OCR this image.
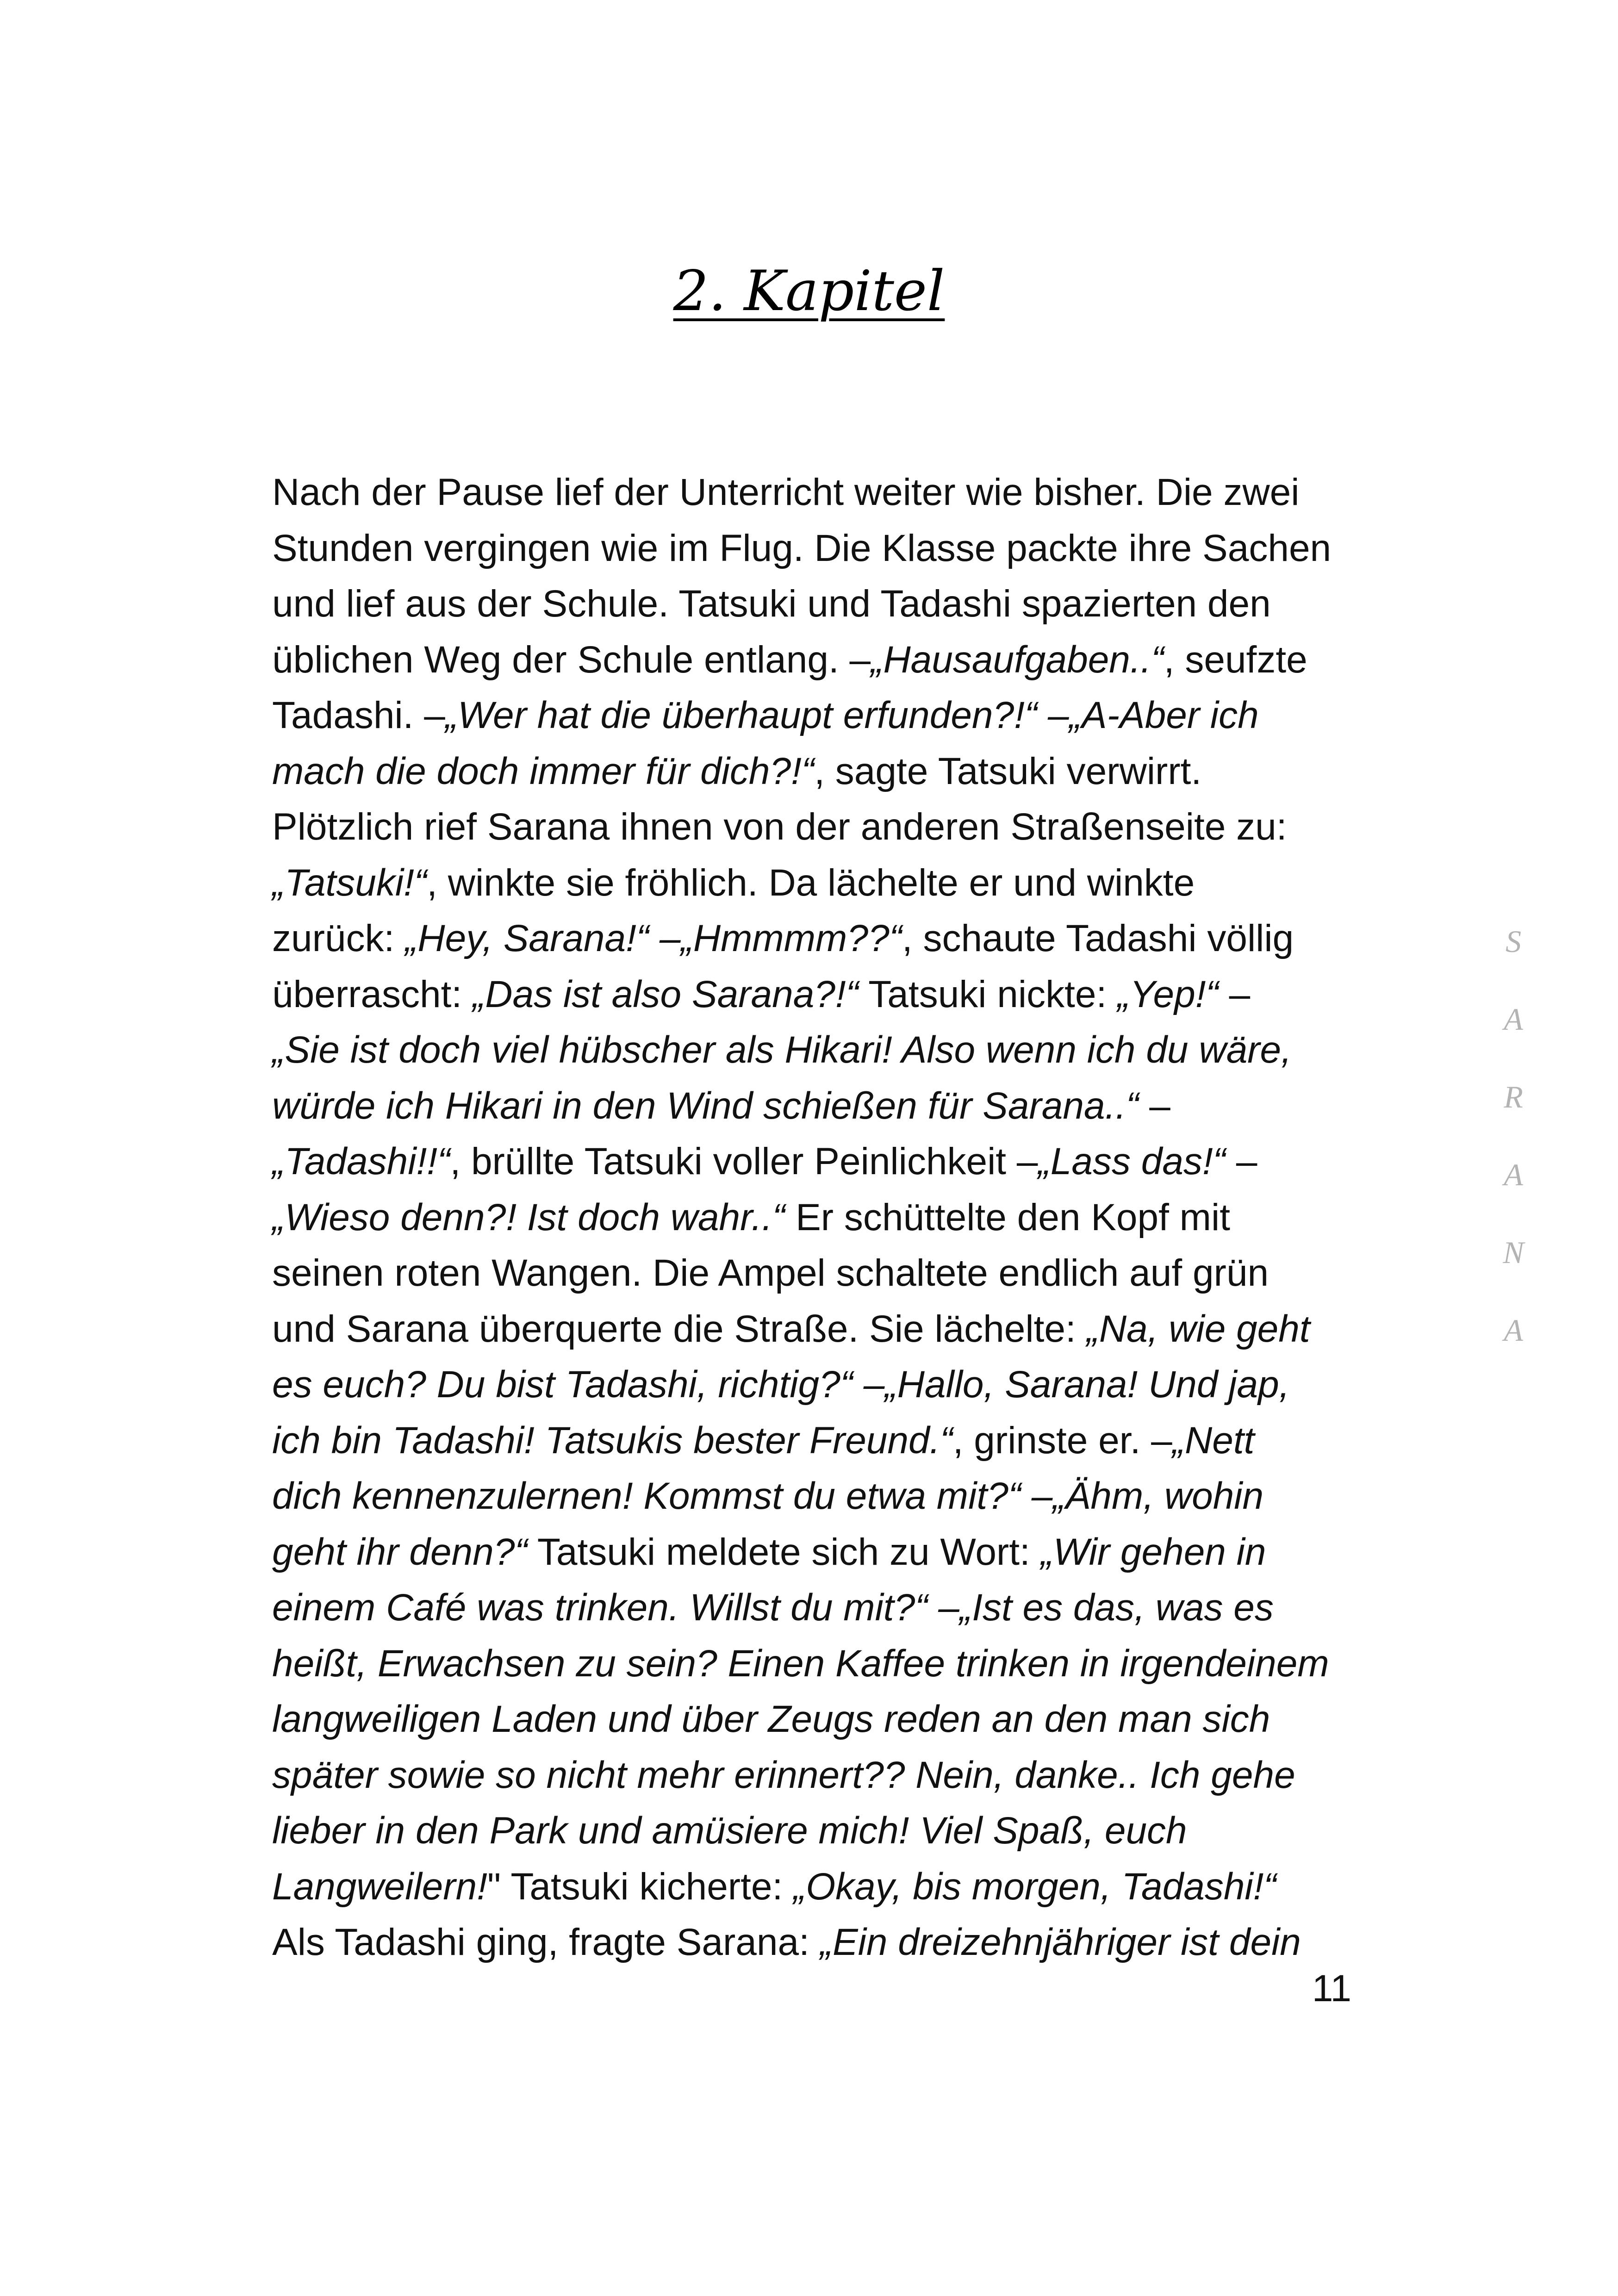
2. Kapitel
Nach der Pause lief der Unterricht weiter wie bisher. Die zwei
Stunden vergingen wie im Flug. Die Klasse packte ihre Sachen
und lief aus der Schule. Tatsuki und Tadashi spazierten den
üblichen Weg der Schule entlang. –„Hausaufgaben..“, seufzte
Tadashi. –„Wer hat die überhaupt erfunden?!“ –„A-Aber ich
mach die doch immer für dich?!“, sagte Tatsuki verwirrt.
Plötzlich rief Sarana ihnen von der anderen Straßenseite zu:
„Tatsuki!“, winkte sie fröhlich. Da lächelte er und winkte
zurück: „Hey, Sarana!“ –„Hmmmm??“, schaute Tadashi völlig
überrascht: „Das ist also Sarana?!“ Tatsuki nickte: „Yep!“ –
„Sie ist doch viel hübscher als Hikari! Also wenn ich du wäre,
würde ich Hikari in den Wind schießen für Sarana..“ –
„Tadashi!!“, brüllte Tatsuki voller Peinlichkeit –„Lass das!“ –
„Wieso denn?! Ist doch wahr..“ Er schüttelte den Kopf mit
seinen roten Wangen. Die Ampel schaltete endlich auf grün
und Sarana überquerte die Straße. Sie lächelte: „Na, wie geht
es euch? Du bist Tadashi, richtig?“ –„Hallo, Sarana! Und jap,
ich bin Tadashi! Tatsukis bester Freund.“, grinste er. –„Nett
dich kennenzulernen! Kommst du etwa mit?“ –„Ähm, wohin
geht ihr denn?“ Tatsuki meldete sich zu Wort: „Wir gehen in
einem Café was trinken. Willst du mit?“ –„Ist es das, was es
heißt, Erwachsen zu sein? Einen Kaffee trinken in irgendeinem
langweiligen Laden und über Zeugs reden an den man sich
später sowie so nicht mehr erinnert?? Nein, danke.. Ich gehe
lieber in den Park und amüsiere mich! Viel Spaß, euch
Langweilern!" Tatsuki kicherte: „Okay, bis morgen, Tadashi!“
Als Tadashi ging, fragte Sarana: „Ein dreizehnjähriger ist dein
S
A
R
A
N
A
11
